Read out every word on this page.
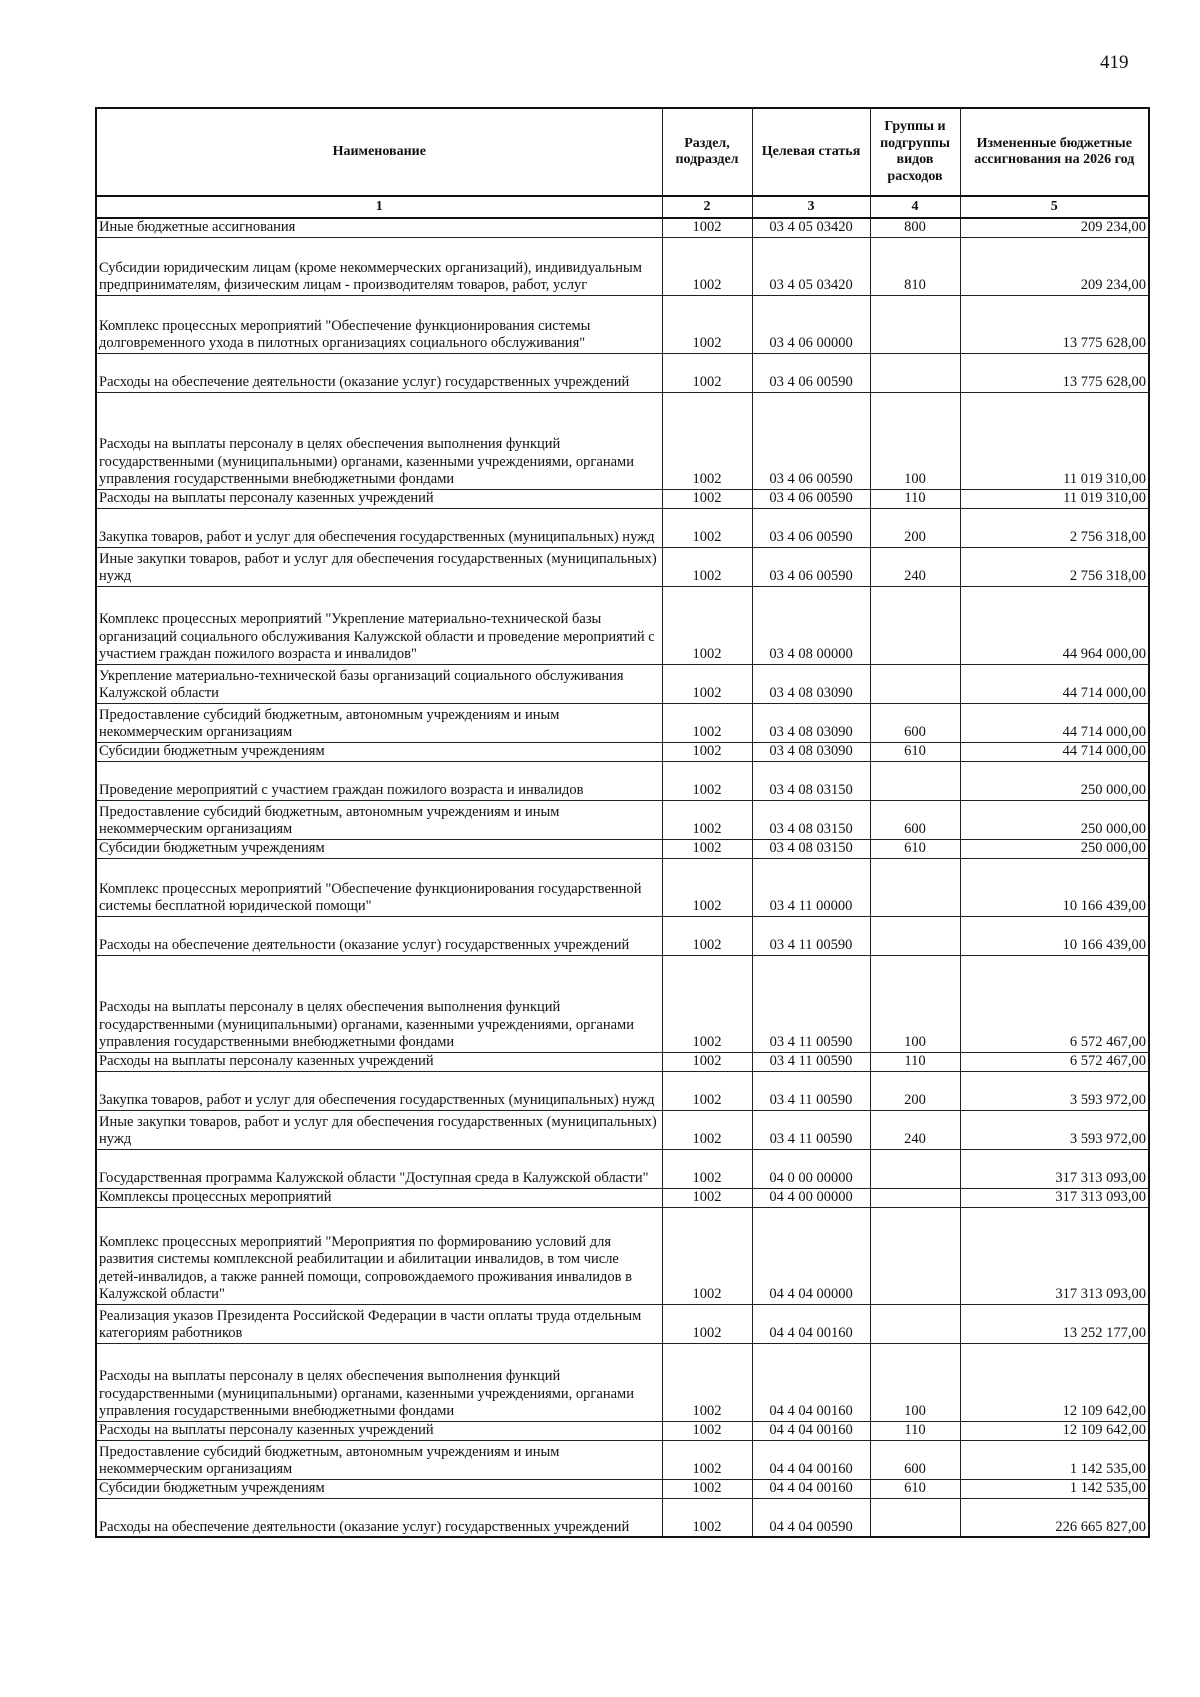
419
Наименование	Раздел, подраздел	Целевая статья	Группы и подгруппы видов расходов	Измененные бюджетные ассигнования на 2026 год
1	2	3	4	5
Иные бюджетные ассигнования	1002	03 4 05 03420	800	209 234,00
Субсидии юридическим лицам (кроме некоммерческих организаций), индивидуальным предпринимателям, физическим лицам - производителям товаров, работ, услуг	1002	03 4 05 03420	810	209 234,00
Комплекс процессных мероприятий "Обеспечение функционирования системы долговременного ухода в пилотных организациях социального обслуживания"	1002	03 4 06 00000		13 775 628,00
Расходы на обеспечение деятельности (оказание услуг) государственных учреждений	1002	03 4 06 00590		13 775 628,00
Расходы на выплаты персоналу в целях обеспечения выполнения функций государственными (муниципальными) органами, казенными учреждениями, органами управления государственными внебюджетными фондами	1002	03 4 06 00590	100	11 019 310,00
Расходы на выплаты персоналу казенных учреждений	1002	03 4 06 00590	110	11 019 310,00
Закупка товаров, работ и услуг для обеспечения государственных (муниципальных) нужд	1002	03 4 06 00590	200	2 756 318,00
Иные закупки товаров, работ и услуг для обеспечения государственных (муниципальных) нужд	1002	03 4 06 00590	240	2 756 318,00
Комплекс процессных мероприятий "Укрепление материально-технической базы организаций социального обслуживания Калужской области и проведение мероприятий с участием граждан пожилого возраста и инвалидов"	1002	03 4 08 00000		44 964 000,00
Укрепление материально-технической базы организаций социального обслуживания Калужской области	1002	03 4 08 03090		44 714 000,00
Предоставление субсидий бюджетным, автономным учреждениям и иным некоммерческим организациям	1002	03 4 08 03090	600	44 714 000,00
Субсидии бюджетным учреждениям	1002	03 4 08 03090	610	44 714 000,00
Проведение мероприятий с участием граждан пожилого возраста и инвалидов	1002	03 4 08 03150		250 000,00
Предоставление субсидий бюджетным, автономным учреждениям и иным некоммерческим организациям	1002	03 4 08 03150	600	250 000,00
Субсидии бюджетным учреждениям	1002	03 4 08 03150	610	250 000,00
Комплекс процессных мероприятий "Обеспечение функционирования государственной системы бесплатной юридической помощи"	1002	03 4 11 00000		10 166 439,00
Расходы на обеспечение деятельности (оказание услуг) государственных учреждений	1002	03 4 11 00590		10 166 439,00
Расходы на выплаты персоналу в целях обеспечения выполнения функций государственными (муниципальными) органами, казенными учреждениями, органами управления государственными внебюджетными фондами	1002	03 4 11 00590	100	6 572 467,00
Расходы на выплаты персоналу казенных учреждений	1002	03 4 11 00590	110	6 572 467,00
Закупка товаров, работ и услуг для обеспечения государственных (муниципальных) нужд	1002	03 4 11 00590	200	3 593 972,00
Иные закупки товаров, работ и услуг для обеспечения государственных (муниципальных) нужд	1002	03 4 11 00590	240	3 593 972,00
Государственная программа Калужской области "Доступная среда в Калужской области"	1002	04 0 00 00000		317 313 093,00
Комплексы процессных мероприятий	1002	04 4 00 00000		317 313 093,00
Комплекс процессных мероприятий "Мероприятия по формированию условий для развития системы комплексной реабилитации и абилитации инвалидов, в том числе детей-инвалидов, а также ранней помощи, сопровождаемого проживания инвалидов в Калужской области"	1002	04 4 04 00000		317 313 093,00
Реализация указов Президента Российской Федерации в части оплаты труда отдельным категориям работников	1002	04 4 04 00160		13 252 177,00
Расходы на выплаты персоналу в целях обеспечения выполнения функций государственными (муниципальными) органами, казенными учреждениями, органами управления государственными внебюджетными фондами	1002	04 4 04 00160	100	12 109 642,00
Расходы на выплаты персоналу казенных учреждений	1002	04 4 04 00160	110	12 109 642,00
Предоставление субсидий бюджетным, автономным учреждениям и иным некоммерческим организациям	1002	04 4 04 00160	600	1 142 535,00
Субсидии бюджетным учреждениям	1002	04 4 04 00160	610	1 142 535,00
Расходы на обеспечение деятельности (оказание услуг) государственных учреждений	1002	04 4 04 00590		226 665 827,00
